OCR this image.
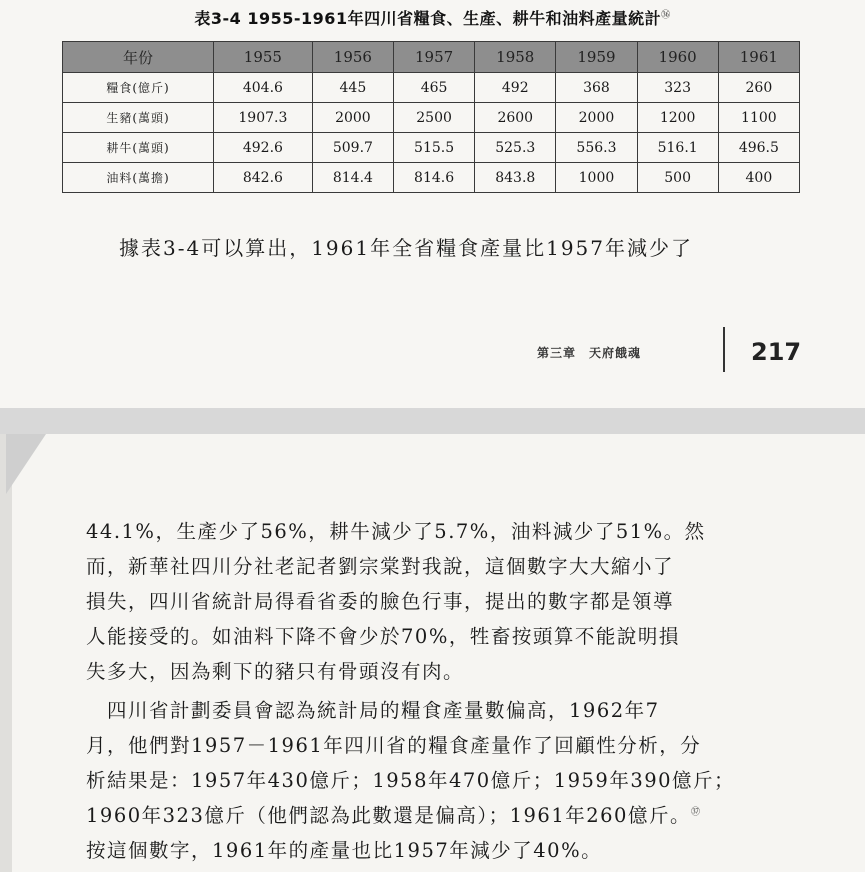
表3-4 1955-1961年四川省糧食、生產、耕牛和油料產量統計$^㊱$
年份	1955	1956	1957	1958	1959	1960	1961
糧食(億斤)	404.6	445	465	492	368	323	260
生豬(萬頭)	1907.3	2000	2500	2600	2000	1200	1100
耕牛(萬頭)	492.6	509.7	515.5	525.3	556.3	516.1	496.5
油料(萬擔)	842.6	814.4	814.6	843.8	1000	500	400
據表3-4可以算出，1961年全省糧食產量比1957年減少了
第三章　天府餓魂	217
44.1%，生產少了56%，耕牛減少了5.7%，油料減少了51%。然
而，新華社四川分社老記者劉宗棠對我說，這個數字大大縮小了
損失，四川省統計局得看省委的臉色行事，提出的數字都是領導
人能接受的。如油料下降不會少於70%，牲畜按頭算不能說明損
失多大，因為剩下的豬只有骨頭沒有肉。
　四川省計劃委員會認為統計局的糧食產量數偏高，1962年7
月，他們對1957－1961年四川省的糧食產量作了回顧性分析，分
析結果是：1957年430億斤；1958年470億斤；1959年390億斤；
1960年323億斤（他們認為此數還是偏高）；1961年260億斤。$^㊲$
按這個數字，1961年的產量也比1957年減少了40%。
